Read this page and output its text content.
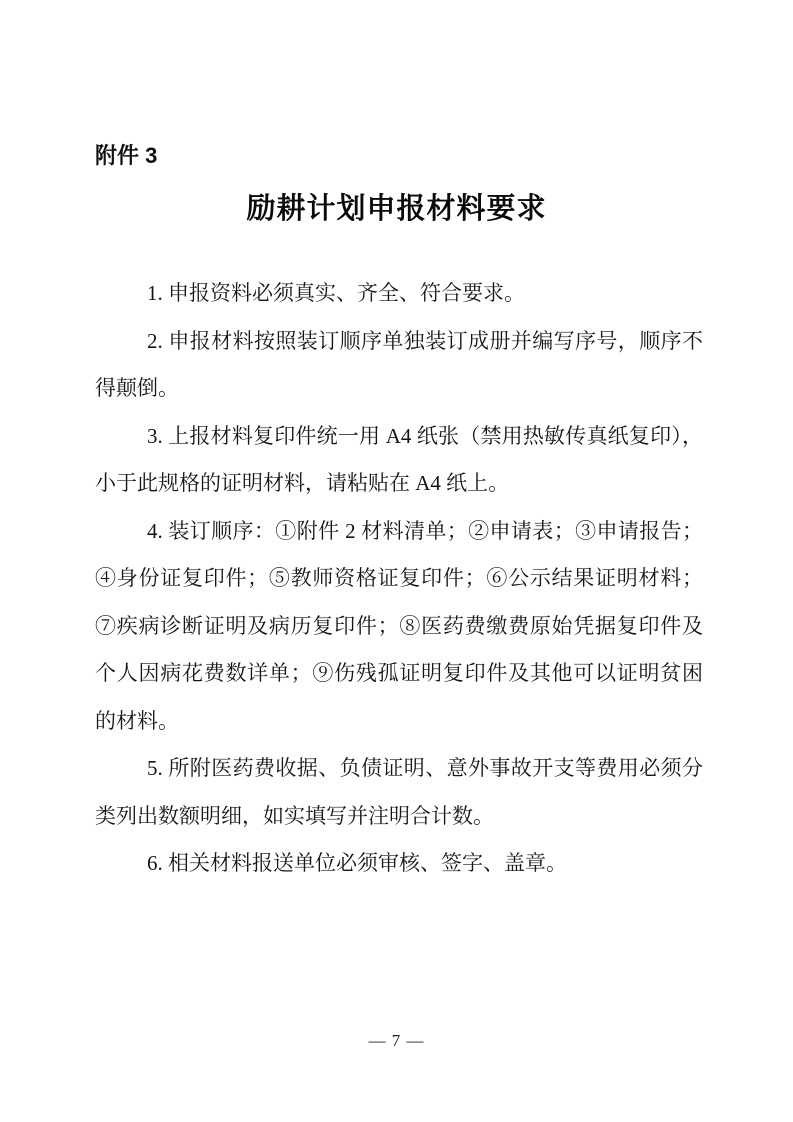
附件 3
励耕计划申报材料要求

1. 申报资料必须真实、齐全、符合要求。

2. 申报材料按照装订顺序单独装订成册并编写序号，顺序不得颠倒。

3. 上报材料复印件统一用 A4 纸张（禁用热敏传真纸复印），小于此规格的证明材料，请粘贴在 A4 纸上。

4. 装订顺序：①附件 2 材料清单；②申请表；③申请报告；④身份证复印件；⑤教师资格证复印件；⑥公示结果证明材料；⑦疾病诊断证明及病历复印件；⑧医药费缴费原始凭据复印件及个人因病花费数详单；⑨伤残孤证明复印件及其他可以证明贫困的材料。

5. 所附医药费收据、负债证明、意外事故开支等费用必须分类列出数额明细，如实填写并注明合计数。

6. 相关材料报送单位必须审核、签字、盖章。

— 7 —
